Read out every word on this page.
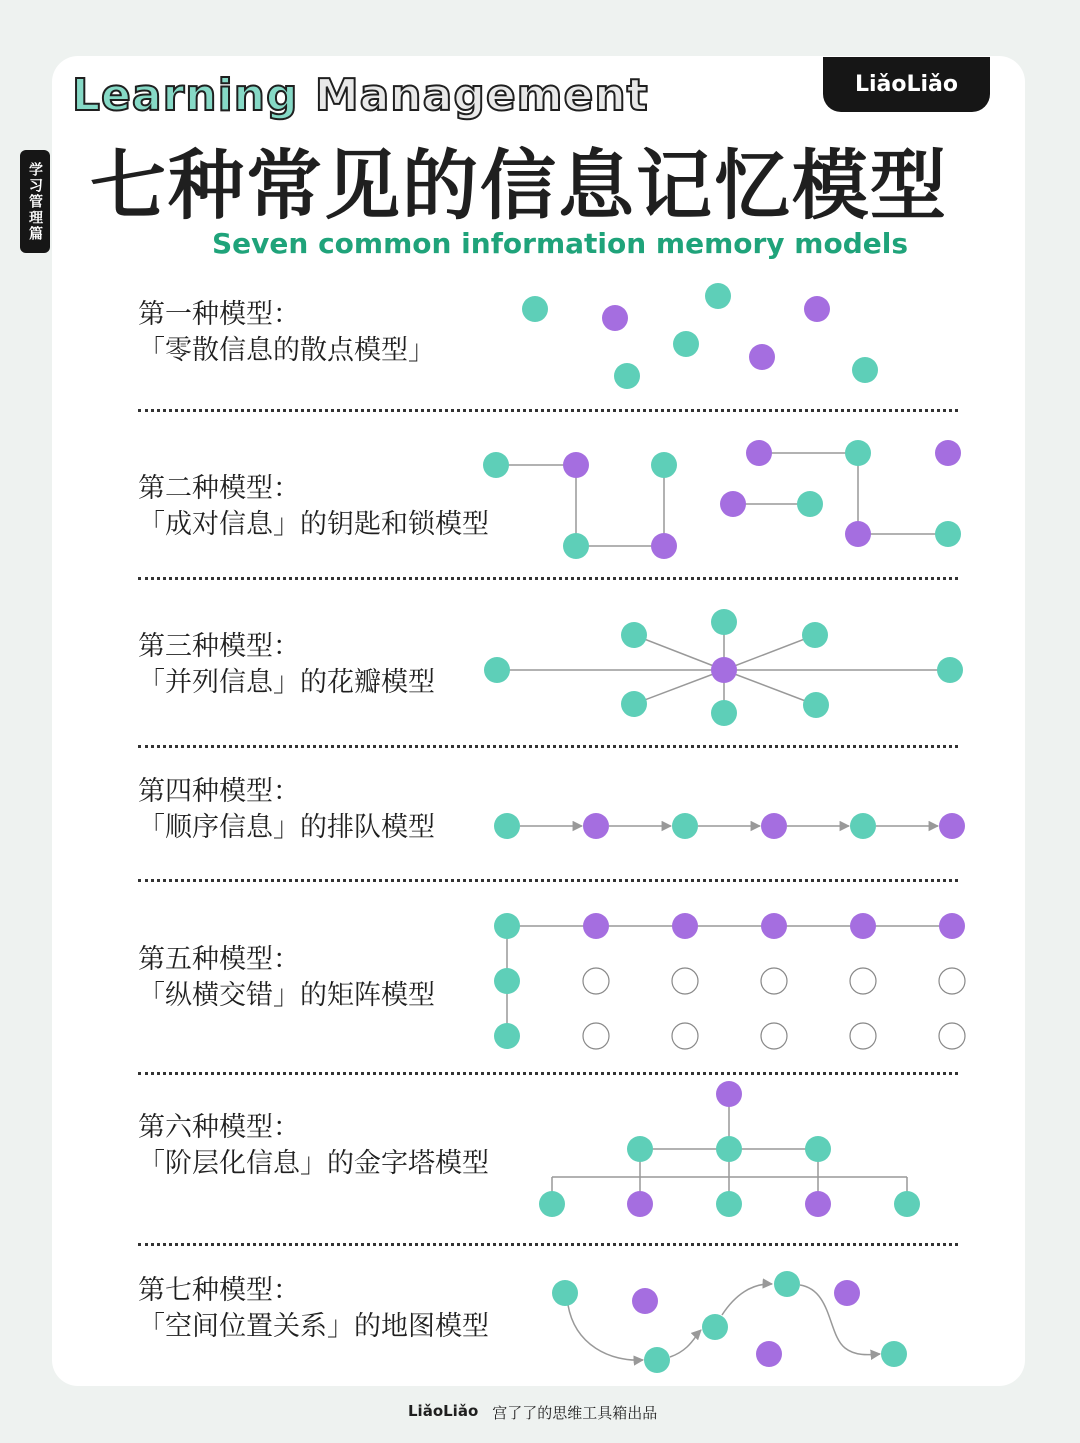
Learning Management	LiǎoLiǎo
学习管理篇 七种常见的信息记忆模型
Seven common information memory models
第一种模型：
「零散信息的散点模型」
第二种模型：
「成对信息」的钥匙和锁模型
第三种模型：
「并列信息」的花瓣模型
第四种模型：
「顺序信息」的排队模型
第五种模型：
「纵横交错」的矩阵模型
第六种模型：
「阶层化信息」的金字塔模型
第七种模型：
「空间位置关系」的地图模型
LiǎoLiǎo 宫了了的思维工具箱出品
